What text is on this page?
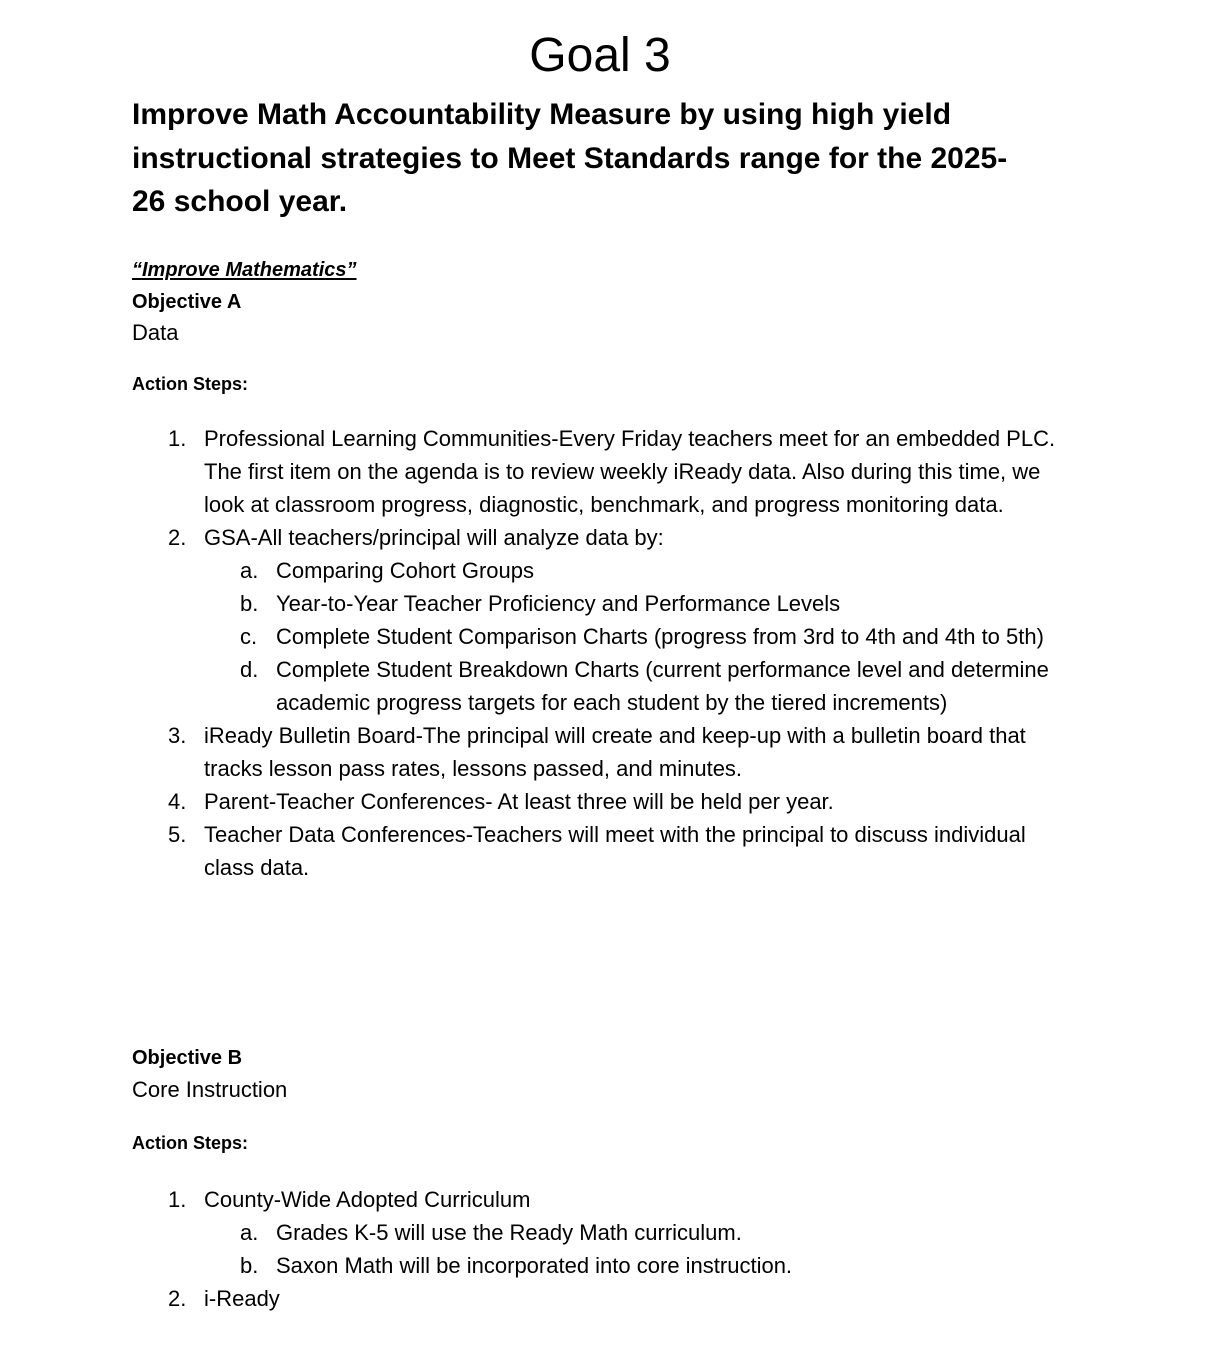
Goal 3
Improve Math Accountability Measure by using high yield instructional strategies to Meet Standards range for the 2025-26 school year.

“Improve Mathematics”

Objective A

Data

Action Steps:

1. Professional Learning Communities-Every Friday teachers meet for an embedded PLC. The first item on the agenda is to review weekly iReady data. Also during this time, we look at classroom progress, diagnostic, benchmark, and progress monitoring data.
2. GSA-All teachers/principal will analyze data by:
a. Comparing Cohort Groups
b. Year-to-Year Teacher Proficiency and Performance Levels
c. Complete Student Comparison Charts (progress from 3rd to 4th and 4th to 5th)
d. Complete Student Breakdown Charts (current performance level and determine academic progress targets for each student by the tiered increments)
3. iReady Bulletin Board-The principal will create and keep-up with a bulletin board that tracks lesson pass rates, lessons passed, and minutes.
4. Parent-Teacher Conferences- At least three will be held per year.
5. Teacher Data Conferences-Teachers will meet with the principal to discuss individual class data.

Objective B

Core Instruction

Action Steps:

1. County-Wide Adopted Curriculum
a. Grades K-5 will use the Ready Math curriculum.
b. Saxon Math will be incorporated into core instruction.
2. i-Ready
